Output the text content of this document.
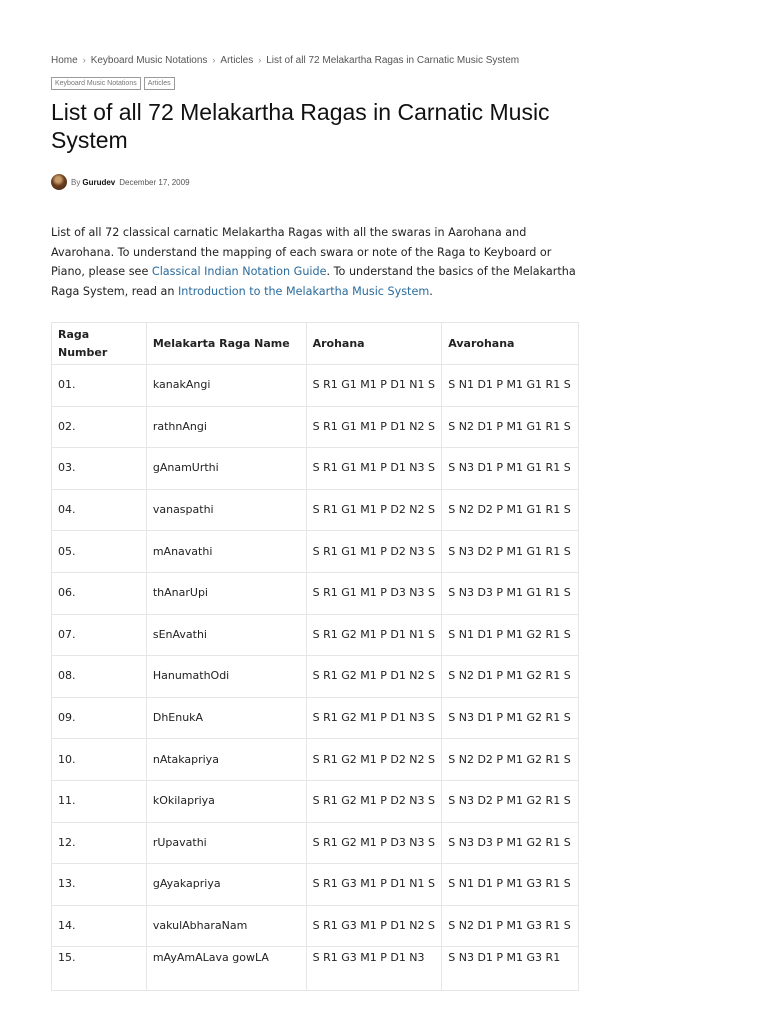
Home › Keyboard Music Notations › Articles › List of all 72 Melakartha Ragas in Carnatic Music System
Keyboard Music Notations	Articles
List of all 72 Melakartha Ragas in Carnatic Music System
By Gurudev December 17, 2009

List of all 72 classical carnatic Melakartha Ragas with all the swaras in Aarohana and Avarohana. To understand the mapping of each swara or note of the Raga to Keyboard or Piano, please see Classical Indian Notation Guide. To understand the basics of the Melakartha Raga System, read an Introduction to the Melakartha Music System.

Raga Number	Melakarta Raga Name	Arohana	Avarohana
01.	kanakAngi	S R1 G1 M1 P D1 N1 S	S N1 D1 P M1 G1 R1 S
02.	rathnAngi	S R1 G1 M1 P D1 N2 S	S N2 D1 P M1 G1 R1 S
03.	gAnamUrthi	S R1 G1 M1 P D1 N3 S	S N3 D1 P M1 G1 R1 S
04.	vanaspathi	S R1 G1 M1 P D2 N2 S	S N2 D2 P M1 G1 R1 S
05.	mAnavathi	S R1 G1 M1 P D2 N3 S	S N3 D2 P M1 G1 R1 S
06.	thAnarUpi	S R1 G1 M1 P D3 N3 S	S N3 D3 P M1 G1 R1 S
07.	sEnAvathi	S R1 G2 M1 P D1 N1 S	S N1 D1 P M1 G2 R1 S
08.	HanumathOdi	S R1 G2 M1 P D1 N2 S	S N2 D1 P M1 G2 R1 S
09.	DhEnukA	S R1 G2 M1 P D1 N3 S	S N3 D1 P M1 G2 R1 S
10.	nAtakapriya	S R1 G2 M1 P D2 N2 S	S N2 D2 P M1 G2 R1 S
11.	kOkilapriya	S R1 G2 M1 P D2 N3 S	S N3 D2 P M1 G2 R1 S
12.	rUpavathi	S R1 G2 M1 P D3 N3 S	S N3 D3 P M1 G2 R1 S
13.	gAyakapriya	S R1 G3 M1 P D1 N1 S	S N1 D1 P M1 G3 R1 S
14.	vakulAbharaNam	S R1 G3 M1 P D1 N2 S	S N2 D1 P M1 G3 R1 S
15.	mAyAmALava gowLA	S R1 G3 M1 P D1 N3	S N3 D1 P M1 G3 R1
